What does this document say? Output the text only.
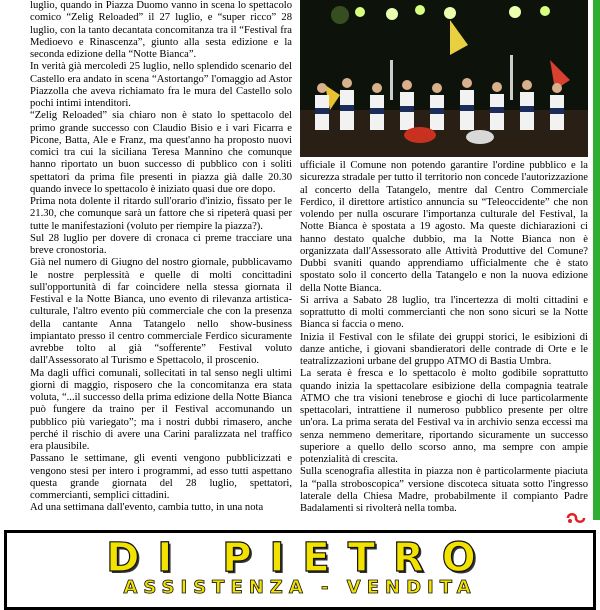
luglio, quando in Piazza Duomo vanno in scena lo spettacolo comico “Zelig Reloaded” il 27 luglio, e “super ricco” 28 luglio, con la tanto decantata concomitanza tra il “Festival fra Medioevo e Rinascenza”, giunto alla sesta edizione e la seconda edizione della “Notte Bianca”.

In verità già mercoledì 25 luglio, nello splendido scenario del Castello era andato in scena “Astortango” l'omaggio ad Astor Piazzolla che aveva richiamato fra le mura del Castello solo pochi intimi intenditori.

“Zelig Reloaded” sia chiaro non è stato lo spettacolo del primo grande successo con Claudio Bisio e i vari Ficarra e Picone, Batta, Ale e Franz, ma quest'anno ha proposto nuovi comici tra cui la siciliana Teresa Mannino che comunque hanno riportato un buon successo di pubblico con i soliti spettatori da prima file presenti in piazza già dalle 20.30 quando invece lo spettacolo è iniziato quasi due ore dopo.

Prima nota dolente il ritardo sull'orario d'inizio, fissato per le 21.30, che comunque sarà un fattore che si ripeterà quasi per tutte le manifestazioni (voluto per riempire la piazza?).

Sul 28 luglio per dovere di cronaca ci preme tracciare una breve cronostoria.

Già nel numero di Giugno del nostro giornale, pubblicavamo le nostre perplessità e quelle di molti concittadini sull'opportunità di far coincidere nella stessa giornata il Festival e la Notte Bianca, uno evento di rilevanza artistica-culturale, l'altro evento più commerciale che con la presenza della cantante Anna Tatangelo nello show-business impiantato presso il centro commerciale Ferdico sicuramente avrebbe tolto al già “sofferente” Festival voluto dall'Assessorato al Turismo e Spettacolo, il proscenio.

Ma dagli uffici comunali, sollecitati in tal senso negli ultimi giorni di maggio, risposero che la concomitanza era stata voluta, “...il successo della prima edizione della Notte Bianca può fungere da traino per il Festival accomunando un pubblico più variegato”; ma i nostri dubbi rimasero, anche perché il rischio di avere una Carini paralizzata nel traffico era plausibile.

Passano le settimane, gli eventi vengono pubblicizzati e vengono stesi per intero i programmi, ad esso tutti aspettano questa grande giornata del 28 luglio, spettatori, commercianti, semplici cittadini.

Ad una settimana dall'evento, cambia tutto, in una nota

ufficiale il Comune non potendo garantire l'ordine pubblico e la sicurezza stradale per tutto il territorio non concede l'autorizzazione al concerto della Tatangelo, mentre dal Centro Commerciale Ferdico, il direttore artistico annuncia su “Teleoccidente” che non volendo per nulla oscurare l'importanza culturale del Festival, la Notte Bianca è spostata a 19 agosto. Ma queste dichiarazioni ci hanno destato qualche dubbio, ma la Notte Bianca non è organizzata dall'Assessorato alle Attività Produttive del Comune? Dubbi svaniti quando apprendiamo ufficialmente che è stato spostato solo il concerto della Tatangelo e non la nuova edizione della Notte Bianca.

Si arriva a Sabato 28 luglio, tra l'incertezza di molti cittadini e soprattutto di molti commercianti che non sono sicuri se la Notte Bianca si faccia o meno.

Inizia il Festival con le sfilate dei gruppi storici, le esibizioni di danze antiche, i giovani sbandieratori delle contrade di Orte e le teatralizzazioni urbane del gruppo ATMO di Bastia Umbra.

La serata è fresca e lo spettacolo è molto godibile soprattutto quando inizia la spettacolare esibizione della compagnia teatrale ATMO che tra visioni tenebrose e giochi di luce particolarmente spettacolari, intrattiene il numeroso pubblico presente per oltre un'ora. La prima serata del Festival va in archivio senza eccessi ma senza nemmeno demeritare, riportando sicuramente un successo superiore a quello dello scorso anno, ma sempre con ampie potenzialità di crescita.

Sulla scenografia allestita in piazza non è particolarmente piaciuta la “palla stroboscopica” versione discoteca situata sotto l'ingresso laterale della Chiesa Madre, probabilmente il compianto Padre Badalamenti si rivolterà nella tomba.

DI PIETRO
ASSISTENZA - VENDITA
